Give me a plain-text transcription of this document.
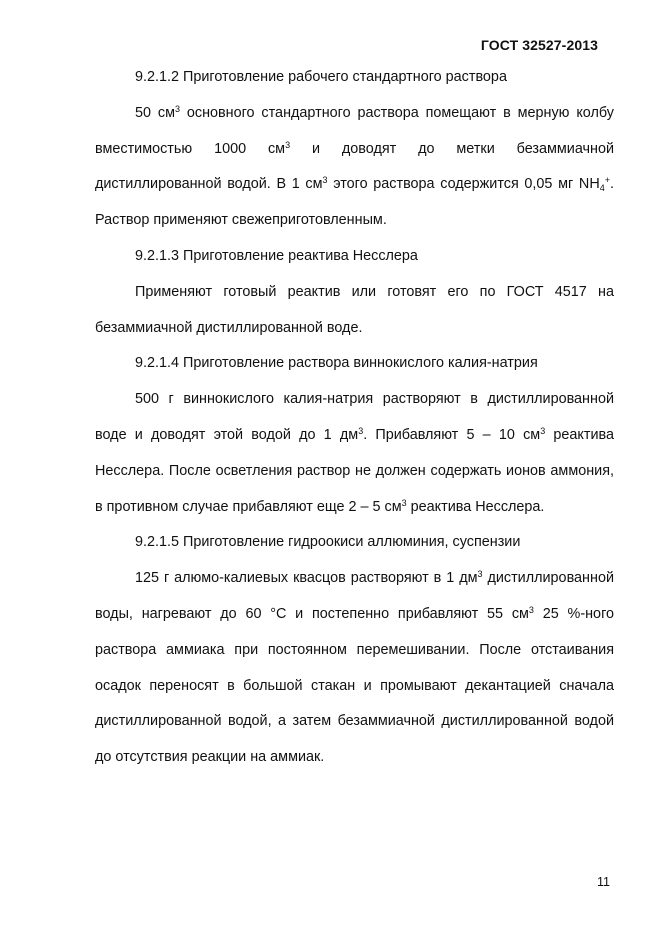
ГОСТ 32527-2013

9.2.1.2 Приготовление рабочего стандартного раствора

50 $см^3$ основного стандартного раствора помещают в мерную колбу вместимостью 1000 $см^3$ и доводят до метки безаммиачной дистиллированной водой. В 1 $см^3$ этого раствора содержится 0,05 мг $NH_4^+$. Раствор применяют свежеприготовленным.

9.2.1.3 Приготовление реактива Несслера

Применяют готовый реактив или готовят его по ГОСТ 4517 на безаммиачной дистиллированной воде.

9.2.1.4 Приготовление раствора виннокислого калия-натрия

500 г виннокислого калия-натрия растворяют в дистиллированной воде и доводят этой водой до 1 $дм^3$. Прибавляют 5 – 10 $см^3$ реактива Несслера. После осветления раствор не должен содержать ионов аммония, в противном случае прибавляют еще 2 – 5 $см^3$ реактива Несслера.

9.2.1.5 Приготовление гидроокиси аллюминия, суспензии

125 г алюмо-калиевых квасцов растворяют в 1 $дм^3$ дистиллированной воды, нагревают до 60 °С и постепенно прибавляют 55 $см^3$ 25 %-ного раствора аммиака при постоянном перемешивании. После отстаивания осадок переносят в большой стакан и промывают декантацией сначала дистиллированной водой, а затем безаммиачной дистиллированной водой до отсутствия реакции на аммиак.

11
